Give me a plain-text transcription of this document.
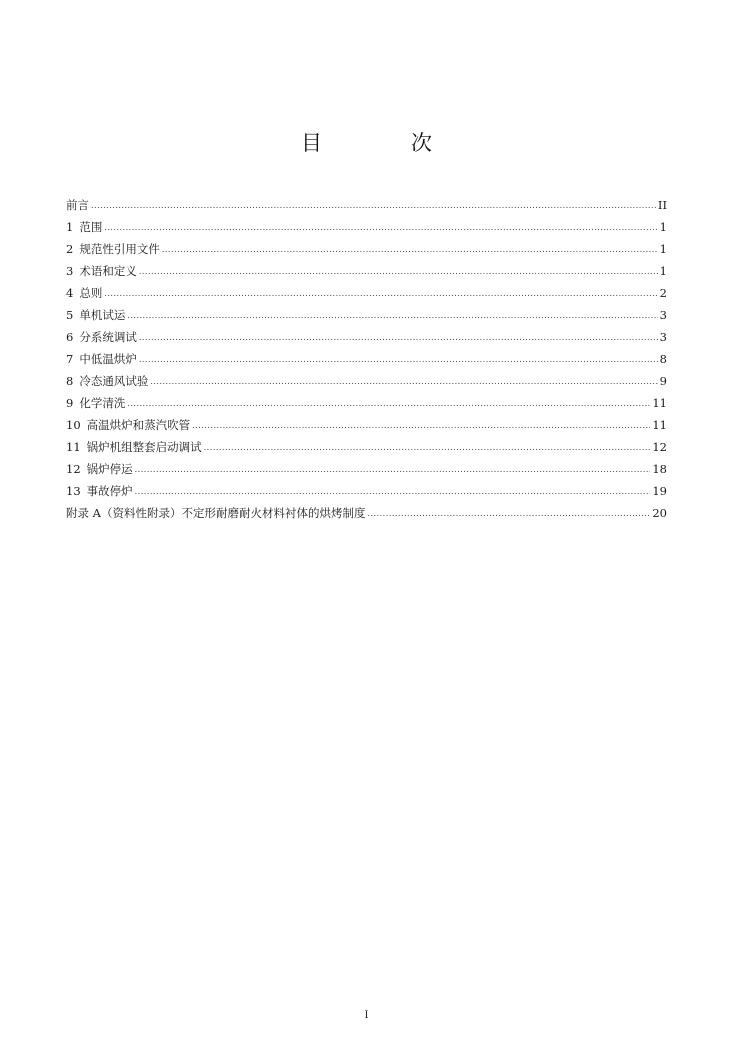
目　次
前言 .....	II
1 范围 .....	1
2 规范性引用文件 .....	1
3 术语和定义 .....	1
4 总则 .....	2
5 单机试运 .....	3
6 分系统调试 .....	3
7 中低温烘炉 .....	8
8 冷态通风试验 .....	9
9 化学清洗 .....	11
10 高温烘炉和蒸汽吹管 .....	11
11 锅炉机组整套启动调试 .....	12
12 锅炉停运 .....	18
13 事故停炉 .....	19
附录 A（资料性附录）不定形耐磨耐火材料衬体的烘烤制度 .....	20
I
